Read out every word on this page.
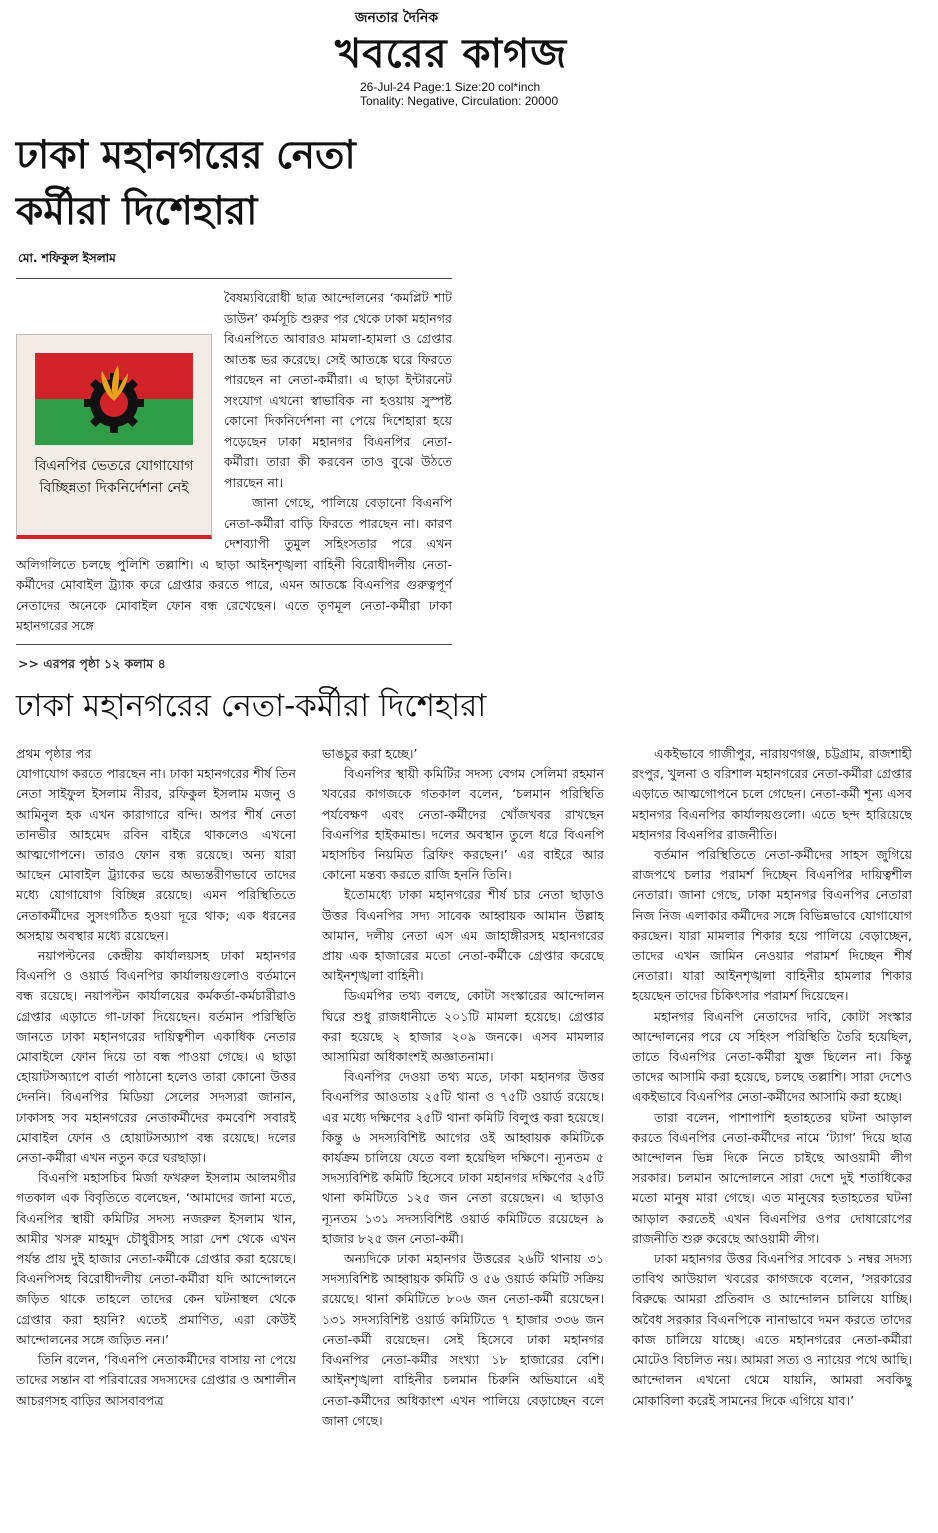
জনতার দৈনিক
খবরের কাগজ
26-Jul-24 Page:1 Size:20 col*inch
Tonality: Negative, Circulation: 20000
ঢাকা মহানগরের নেতা কর্মীরা দিশেহারা
মো. শফিকুল ইসলাম
বিএনপির ভেতরে যোগাযোগ বিচ্ছিন্নতা দিকনির্দেশনা নেই

বৈষম্যবিরোধী ছাত্র আন্দোলনের ‘কমপ্লিট শাট ডাউন’ কর্মসূচি শুরুর পর থেকে ঢাকা মহানগর বিএনপিতে আবারও মামলা-হামলা ও গ্রেপ্তার আতঙ্ক ভর করেছে। সেই আতঙ্কে ঘরে ফিরতে পারছেন না নেতা-কর্মীরা। এ ছাড়া ইন্টারনেট সংযোগ এখনো স্বাভাবিক না হওয়ায় সুস্পষ্ট কোনো দিকনির্দেশনা না পেয়ে দিশেহারা হয়ে পড়েছেন ঢাকা মহানগর বিএনপির নেতা-কর্মীরা। তারা কী করবেন তাও বুঝে উঠতে পারছেন না।

জানা গেছে, পালিয়ে বেড়ানো বিএনপি নেতা-কর্মীরা বাড়ি ফিরতে পারছেন না। কারণ দেশব্যাপী তুমুল সহিংসতার পরে এখন অলিগলিতে চলছে পুলিশি তল্লাশি। এ ছাড়া আইনশৃঙ্খলা বাহিনী বিরোধীদলীয় নেতা-কর্মীদের মোবাইল ট্র্যাক করে গ্রেপ্তার করতে পারে, এমন আতঙ্কে বিএনপির গুরুত্বপূর্ণ নেতাদের অনেকে মোবাইল ফোন বন্ধ রেখেছেন। এতে তৃণমূল নেতা-কর্মীরা ঢাকা মহানগরের সঙ্গে

>> এরপর পৃষ্ঠা ১২ কলাম ৪
ঢাকা মহানগরের নেতা-কর্মীরা দিশেহারা

প্রথম পৃষ্ঠার পর

যোগাযোগ করতে পারছেন না। ঢাকা মহানগরের শীর্ষ তিন নেতা সাইফুল ইসলাম নীরব, রফিকুল ইসলাম মজনু ও আমিনুল হক এখন কারাগারে বন্দি। অপর শীর্ষ নেতা তানভীর আহমেদ রবিন বাইরে থাকলেও এখনো আত্মগোপনে। তারও ফোন বন্ধ রয়েছে। অন্য যারা আছেন মোবাইল ট্র্যাকের ভয়ে অভ্যন্তরীণভাবে তাদের মধ্যে যোগাযোগ বিচ্ছিন্ন রয়েছে। এমন পরিস্থিতিতে নেতাকর্মীদের সুসংগঠিত হওয়া দূরে থাক; এক ধরনের অসহায় অবস্থার মধ্যে রয়েছেন।

নয়াপল্টনের কেন্দ্রীয় কার্যালয়সহ ঢাকা মহানগর বিএনপি ও ওয়ার্ড বিএনপির কার্যালয়গুলোও বর্তমানে বন্ধ রয়েছে। নয়াপল্টন কার্যালয়ের কর্মকর্তা-কর্মচারীরাও গ্রেপ্তার এড়াতে গা-ঢাকা দিয়েছেন। বর্তমান পরিস্থিতি জানতে ঢাকা মহানগরের দায়িত্বশীল একাধিক নেতার মোবাইলে ফোন দিয়ে তা বন্ধ পাওয়া গেছে। এ ছাড়া হোয়াটসঅ্যাপে বার্তা পাঠানো হলেও তারা কোনো উত্তর দেননি। বিএনপির মিডিয়া সেলের সদস্যরা জানান, ঢাকাসহ সব মহানগরের নেতাকর্মীদের কমবেশি সবারই মোবাইল ফোন ও হোয়াটসঅ্যাপ বন্ধ রয়েছে। দলের নেতা-কর্মীরা এখন নতুন করে ঘরছাড়া।

বিএনপি মহাসচিব মির্জা ফখরুল ইসলাম আলমগীর গতকাল এক বিবৃতিতে বলেছেন, ‘আমাদের জানা মতে, বিএনপির স্থায়ী কমিটির সদস্য নজরুল ইসলাম খান, আমীর খসরু মাহমুদ চৌধুরীসহ সারা দেশ থেকে এখন পর্যন্ত প্রায় দুই হাজার নেতা-কর্মীকে গ্রেপ্তার করা হয়েছে। বিএনপিসহ বিরোধীদলীয় নেতা-কর্মীরা যদি আন্দোলনে জড়িত থাকে তাহলে তাদের কেন ঘটনাস্থল থেকে গ্রেপ্তার করা হয়নি? এতেই প্রমাণিত, এরা কেউই আন্দোলনের সঙ্গে জড়িত নন।’

তিনি বলেন, ‘বিএনপি নেতাকর্মীদের বাসায় না পেয়ে তাদের সন্তান বা পরিবারের সদস্যদের গ্রেপ্তার ও অশালীন আচরণসহ বাড়ির আসবাবপত্র

ভাঙচুর করা হচ্ছে।’

বিএনপির স্থায়ী কমিটির সদস্য বেগম সেলিমা রহমান খবরের কাগজকে গতকাল বলেন, ‘চলমান পরিস্থিতি পর্যবেক্ষণ এবং নেতা-কর্মীদের খোঁজখবর রাখছেন বিএনপির হাইকমান্ড। দলের অবস্থান তুলে ধরে বিএনপি মহাসচিব নিয়মিত ব্রিফিং করছেন।’ এর বাইরে আর কোনো মন্তব্য করতে রাজি হননি তিনি।

ইতোমধ্যে ঢাকা মহানগরের শীর্ষ চার নেতা ছাড়াও উত্তর বিএনপির সদ্য সাবেক আহ্বায়ক আমান উল্লাহ আমান, দলীয় নেতা এস এম জাহাঙ্গীরসহ মহানগরের প্রায় এক হাজারের মতো নেতা-কর্মীকে গ্রেপ্তার করেছে আইনশৃঙ্খলা বাহিনী।

ডিএমপির তথ্য বলছে, কোটা সংস্কারের আন্দোলন ঘিরে শুধু রাজধানীতে ২০১টি মামলা হয়েছে। গ্রেপ্তার করা হয়েছে ২ হাজার ২০৯ জনকে। এসব মামলার আসামিরা অধিকাংশই অজ্ঞাতনামা।

বিএনপির দেওয়া তথ্য মতে, ঢাকা মহানগর উত্তর বিএনপির আওতায় ২৫টি থানা ও ৭৫টি ওয়ার্ড রয়েছে। এর মধ্যে দক্ষিণের ২৫টি থানা কমিটি বিলুপ্ত করা হয়েছে। কিন্তু ৬ সদস্যবিশিষ্ট আগের ওই আহ্বায়ক কমিটিকে কার্যক্রম চালিয়ে যেতে বলা হয়েছিল দক্ষিণে। ন্যূনতম ৫ সদস্যবিশিষ্ট কমিটি হিসেবে ঢাকা মহানগর দক্ষিণের ২৫টি থানা কমিটিতে ১২৫ জন নেতা রয়েছেন। এ ছাড়াও ন্যূনতম ১৩১ সদস্যবিশিষ্ট ওয়ার্ড কমিটিতে রয়েছেন ৯ হাজার ৮২৫ জন নেতা-কর্মী।

অন্যদিকে ঢাকা মহানগর উত্তরের ২৬টি থানায় ৩১ সদস্যবিশিষ্ট আহ্বায়ক কমিটি ও ৫৬ ওয়ার্ড কমিটি সক্রিয় রয়েছে। থানা কমিটিতে ৮০৬ জন নেতা-কর্মী রয়েছেন। ১৩১ সদস্যবিশিষ্ট ওয়ার্ড কমিটিতে ৭ হাজার ৩৩৬ জন নেতা-কর্মী রয়েছেন। সেই হিসেবে ঢাকা মহানগর বিএনপির নেতা-কর্মীর সংখ্যা ১৮ হাজারের বেশি। আইনশৃঙ্খলা বাহিনীর চলমান চিরুনি অভিযানে এই নেতা-কর্মীদের অধিকাংশ এখন পালিয়ে বেড়াচ্ছেন বলে জানা গেছে।

একইভাবে গাজীপুর, নারায়ণগঞ্জ, চট্টগ্রাম, রাজশাহী রংপুর, খুলনা ও বরিশাল মহানগরের নেতা-কর্মীরা গ্রেপ্তার এড়াতে আত্মগোপনে চলে গেছেন। নেতা-কর্মী শূন্য এসব মহানগর বিএনপির কার্যালয়গুলো। এতে ছন্দ হারিয়েছে মহানগর বিএনপির রাজনীতি।

বর্তমান পরিস্থিতিতে নেতা-কর্মীদের সাহস জুগিয়ে রাজপথে চলার পরামর্শ দিচ্ছেন বিএনপির দায়িত্বশীল নেতারা। জানা গেছে, ঢাকা মহানগর বিএনপির নেতারা নিজ নিজ এলাকার কর্মীদের সঙ্গে বিভিন্নভাবে যোগাযোগ করছেন। যারা মামলার শিকার হয়ে পালিয়ে বেড়াচ্ছেন, তাদের এখন জামিন নেওয়ার পরামর্শ দিচ্ছেন শীর্ষ নেতারা। যারা আইনশৃঙ্খলা বাহিনীর হামলার শিকার হয়েছেন তাদের চিকিৎসার পরামর্শ দিয়েছেন।

মহানগর বিএনপি নেতাদের দাবি, কোটা সংস্কার আন্দোলনের পরে যে সহিংস পরিস্থিতি তৈরি হয়েছিল, তাতে বিএনপির নেতা-কর্মীরা যুক্ত ছিলেন না। কিন্তু তাদের আসামি করা হয়েছে, চলছে তল্লাশি। সারা দেশেও একইভাবে বিএনপির নেতা-কর্মীদের আসামি করা হচ্ছে।

তারা বলেন, পাশাপাশি হতাহতের ঘটনা আড়াল করতে বিএনপির নেতা-কর্মীদের নামে ‘ট্যাগ’ দিয়ে ছাত্র আন্দোলন ভিন্ন দিকে নিতে চাইছে আওয়ামী লীগ সরকার। চলমান আন্দোলনে সারা দেশে দুই শতাধিকের মতো মানুষ মারা গেছে। এত মানুষের হতাহতের ঘটনা আড়াল করতেই এখন বিএনপির ওপর দোষারোপের রাজনীতি শুরু করেছে আওয়ামী লীগ।

ঢাকা মহানগর উত্তর বিএনপির সাবেক ১ নম্বর সদস্য তাবিথ আউয়াল খবরের কাগজকে বলেন, ‘সরকারের বিরুদ্ধে আমরা প্রতিবাদ ও আন্দোলন চালিয়ে যাচ্ছি। অবৈধ সরকার বিএনপিকে নানাভাবে দমন করতে তাদের কাজ চালিয়ে যাচ্ছে। এতে মহানগরের নেতা-কর্মীরা মোটেও বিচলিত নয়। আমরা সত্য ও ন্যায়ের পথে আছি। আন্দোলন এখনো থেমে যায়নি, আমরা সবকিছু মোকাবিলা করেই সামনের দিকে এগিয়ে যাব।’
